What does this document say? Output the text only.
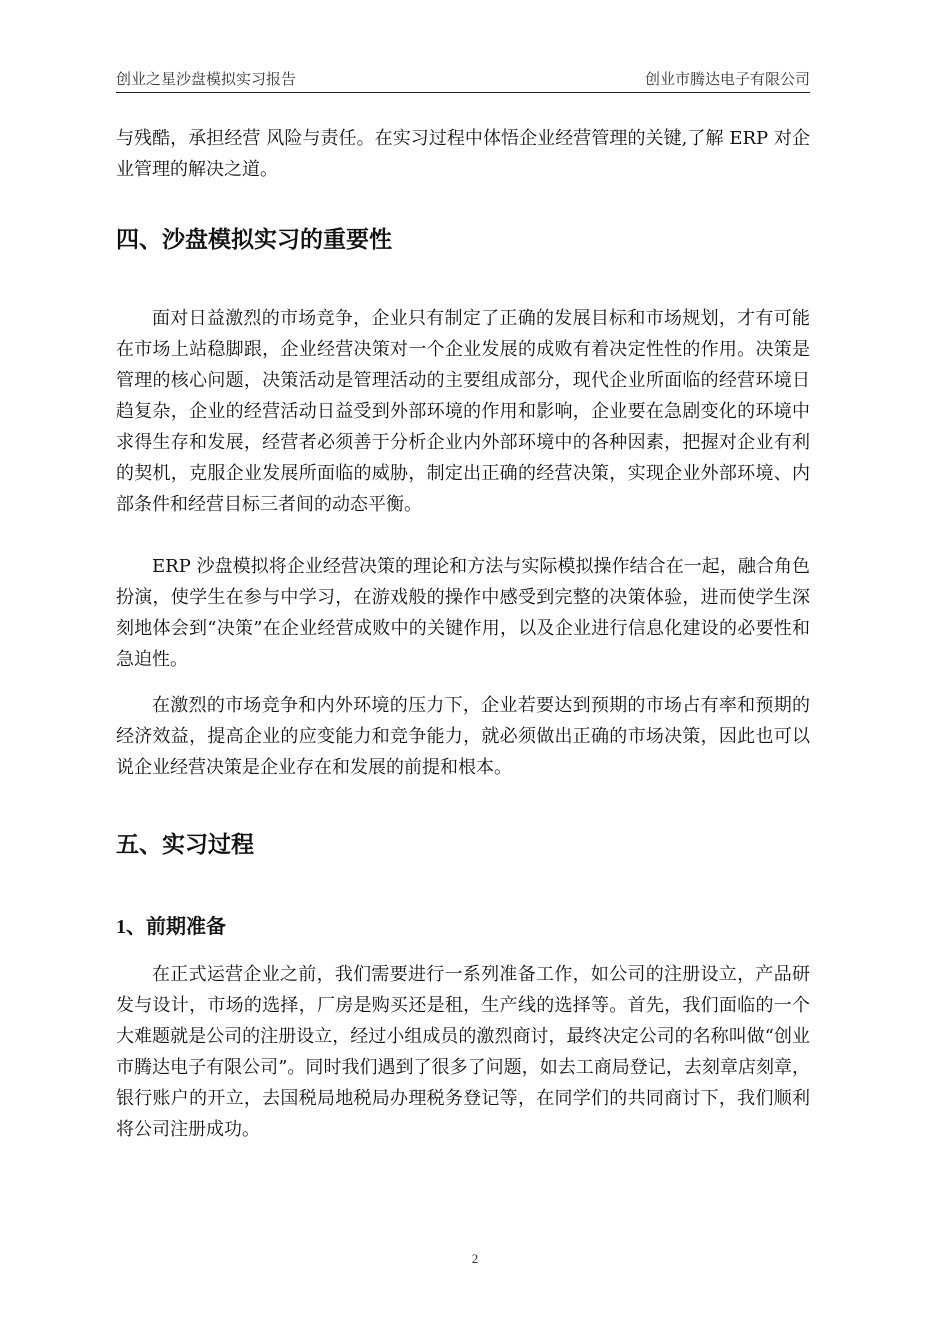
创业之星沙盘模拟实习报告	创业市腾达电子有限公司

与残酷，承担经营 风险与责任。在实习过程中体悟企业经营管理的关键,了解 ERP 对企业管理的解决之道。

四、沙盘模拟实习的重要性

面对日益激烈的市场竞争，企业只有制定了正确的发展目标和市场规划，才有可能在市场上站稳脚跟，企业经营决策对一个企业发展的成败有着决定性性的作用。决策是管理的核心问题，决策活动是管理活动的主要组成部分，现代企业所面临的经营环境日趋复杂，企业的经营活动日益受到外部环境的作用和影响，企业要在急剧变化的环境中求得生存和发展，经营者必须善于分析企业内外部环境中的各种因素，把握对企业有利的契机，克服企业发展所面临的威胁，制定出正确的经营决策，实现企业外部环境、内部条件和经营目标三者间的动态平衡。

ERP 沙盘模拟将企业经营决策的理论和方法与实际模拟操作结合在一起，融合角色扮演，使学生在参与中学习，在游戏般的操作中感受到完整的决策体验，进而使学生深刻地体会到“决策”在企业经营成败中的关键作用，以及企业进行信息化建设的必要性和急迫性。

在激烈的市场竞争和内外环境的压力下，企业若要达到预期的市场占有率和预期的经济效益，提高企业的应变能力和竞争能力，就必须做出正确的市场决策，因此也可以说企业经营决策是企业存在和发展的前提和根本。

五、实习过程
1、前期准备

在正式运营企业之前，我们需要进行一系列准备工作，如公司的注册设立，产品研发与设计，市场的选择，厂房是购买还是租，生产线的选择等。首先，我们面临的一个大难题就是公司的注册设立，经过小组成员的激烈商讨，最终决定公司的名称叫做“创业市腾达电子有限公司”。同时我们遇到了很多了问题，如去工商局登记，去刻章店刻章，银行账户的开立，去国税局地税局办理税务登记等，在同学们的共同商讨下，我们顺利将公司注册成功。

2
